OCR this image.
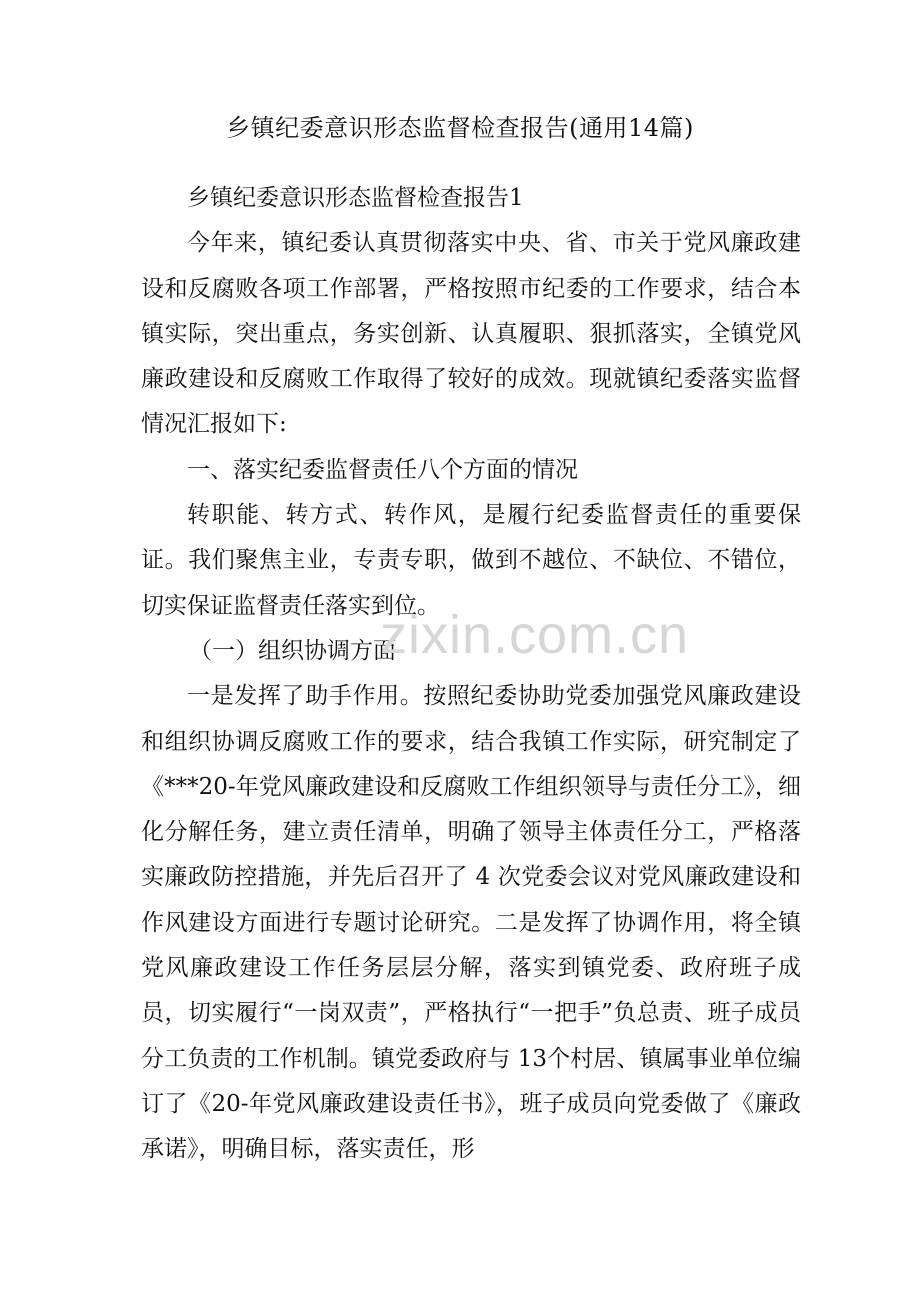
乡镇纪委意识形态监督检查报告(通用14篇)

乡镇纪委意识形态监督检查报告1

今年来，镇纪委认真贯彻落实中央、省、市关于党风廉政建设和反腐败各项工作部署，严格按照市纪委的工作要求，结合本镇实际，突出重点，务实创新、认真履职、狠抓落实，全镇党风廉政建设和反腐败工作取得了较好的成效。现就镇纪委落实监督情况汇报如下:

一、落实纪委监督责任八个方面的情况

转职能、转方式、转作风，是履行纪委监督责任的重要保证。我们聚焦主业，专责专职，做到不越位、不缺位、不错位，切实保证监督责任落实到位。

（一）组织协调方面

一是发挥了助手作用。按照纪委协助党委加强党风廉政建设和组织协调反腐败工作的要求，结合我镇工作实际，研究制定了《***20-年党风廉政建设和反腐败工作组织领导与责任分工》，细化分解任务，建立责任清单，明确了领导主体责任分工，严格落实廉政防控措施，并先后召开了 4 次党委会议对党风廉政建设和作风建设方面进行专题讨论研究。二是发挥了协调作用，将全镇党风廉政建设工作任务层层分解，落实到镇党委、政府班子成员，切实履行“一岗双责”，严格执行“一把手”负总责、班子成员分工负责的工作机制。镇党委政府与 13个村居、镇属事业单位编订了《20-年党风廉政建设责任书》，班子成员向党委做了《廉政承诺》，明确目标，落实责任，形

zixin.com.cn
